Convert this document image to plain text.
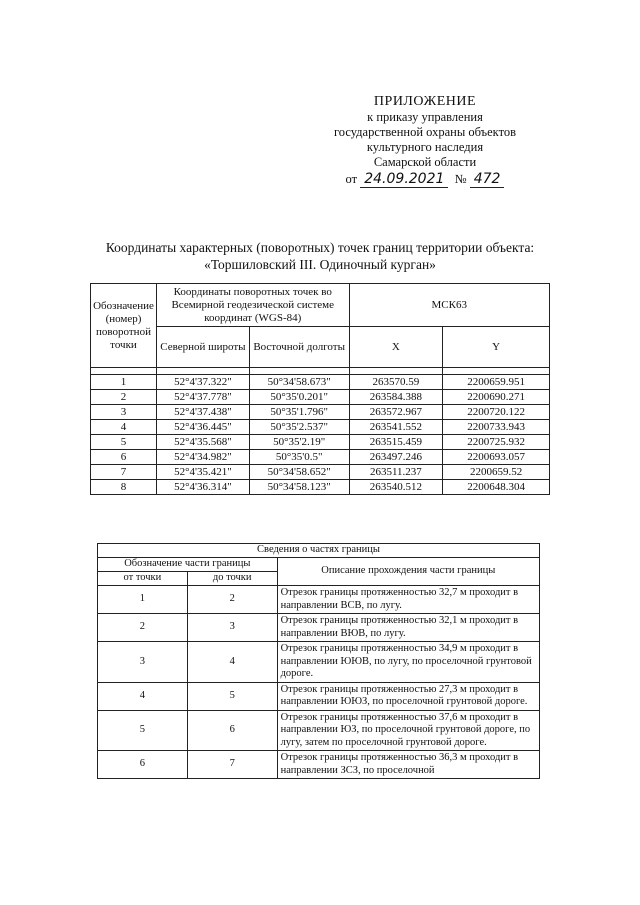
ПРИЛОЖЕНИЕ
к приказу управления
государственной охраны объектов
культурного наследия
Самарской области
от 24.09.2021 № 472
Координаты характерных (поворотных) точек границ территории объекта:
«Торшиловский III. Одиночный курган»
Обозначение (номер) поворотной точки	Координаты поворотных точек во Всемирной геодезической системе координат (WGS-84)		МСК63	
	Северной широты	Восточной долготы	X	Y

1	52°4'37.322"	50°34'58.673"	263570.59	2200659.951
2	52°4'37.778"	50°35'0.201"	263584.388	2200690.271
3	52°4'37.438"	50°35'1.796"	263572.967	2200720.122
4	52°4'36.445"	50°35'2.537"	263541.552	2200733.943
5	52°4'35.568"	50°35'2.19"	263515.459	2200725.932
6	52°4'34.982"	50°35'0.5"	263497.246	2200693.057
7	52°4'35.421"	50°34'58.652"	263511.237	2200659.52
8	52°4'36.314"	50°34'58.123"	263540.512	2200648.304
Сведения о частях границы		
Обозначение части границы		Описание прохождения части границы
от точки	до точки	
1	2	Отрезок границы протяженностью 32,7 м проходит в направлении ВСВ, по лугу.
2	3	Отрезок границы протяженностью 32,1 м проходит в направлении ВЮВ, по лугу.
3	4	Отрезок границы протяженностью 34,9 м проходит в направлении ЮЮВ, по лугу, по проселочной грунтовой дороге.
4	5	Отрезок границы протяженностью 27,3 м проходит в направлении ЮЮЗ, по проселочной грунтовой дороге.
5	6	Отрезок границы протяженностью 37,6 м проходит в направлении ЮЗ, по проселочной грунтовой дороге, по лугу, затем по проселочной грунтовой дороге.
6	7	Отрезок границы протяженностью 36,3 м проходит в направлении ЗСЗ, по проселочной
